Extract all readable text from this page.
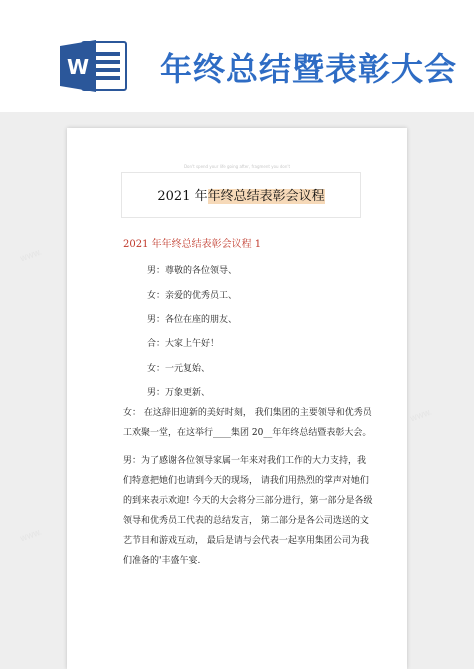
W 年终总结暨表彰大会
WWW.
WWW.
WWW.
Don't spend your life going after, fragment you don't
2021 年年终总结表彰会议程
2021 年年终总结表彰会议程 1
男：尊敬的各位领导、
女：亲爱的优秀员工、
男：各位在座的朋友、
合：大家上午好！
女：一元复始、
男：万象更新、
女： 在这辞旧迎新的美好时刻， 我们集团的主要领导和优秀员工欢聚一堂，在这举行____集团 20__年年终总结暨表彰大会。
男：为了感谢各位领导家属一年来对我们工作的大力支持，我们特意把她们也请到今天的现场， 请我们用热烈的掌声对她们的到来表示欢迎! 今天的大会将分三部分进行，第一部分是各级领导和优秀员工代表的总结发言， 第二部分是各公司选送的文艺节目和游戏互动， 最后是请与会代表一起享用集团公司为我们准备的'丰盛午宴.
